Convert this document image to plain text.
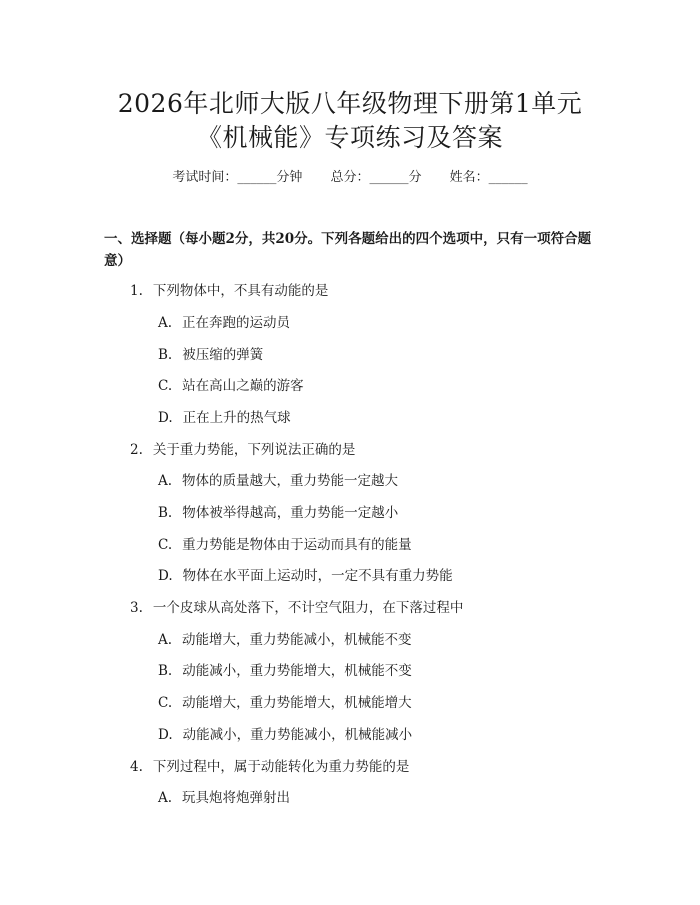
2026年北师大版八年级物理下册第1单元
《机械能》专项练习及答案
考试时间：______分钟 总分：______分 姓名：______
一、选择题（每小题2分，共20分。下列各题给出的四个选项中，只有一项符合题意）
1. 下列物体中，不具有动能的是
A. 正在奔跑的运动员
B. 被压缩的弹簧
C. 站在高山之巅的游客
D. 正在上升的热气球
2. 关于重力势能，下列说法正确的是
A. 物体的质量越大，重力势能一定越大
B. 物体被举得越高，重力势能一定越小
C. 重力势能是物体由于运动而具有的能量
D. 物体在水平面上运动时，一定不具有重力势能
3. 一个皮球从高处落下，不计空气阻力，在下落过程中
A. 动能增大，重力势能减小，机械能不变
B. 动能减小，重力势能增大，机械能不变
C. 动能增大，重力势能增大，机械能增大
D. 动能减小，重力势能减小，机械能减小
4. 下列过程中，属于动能转化为重力势能的是
A. 玩具炮将炮弹射出
